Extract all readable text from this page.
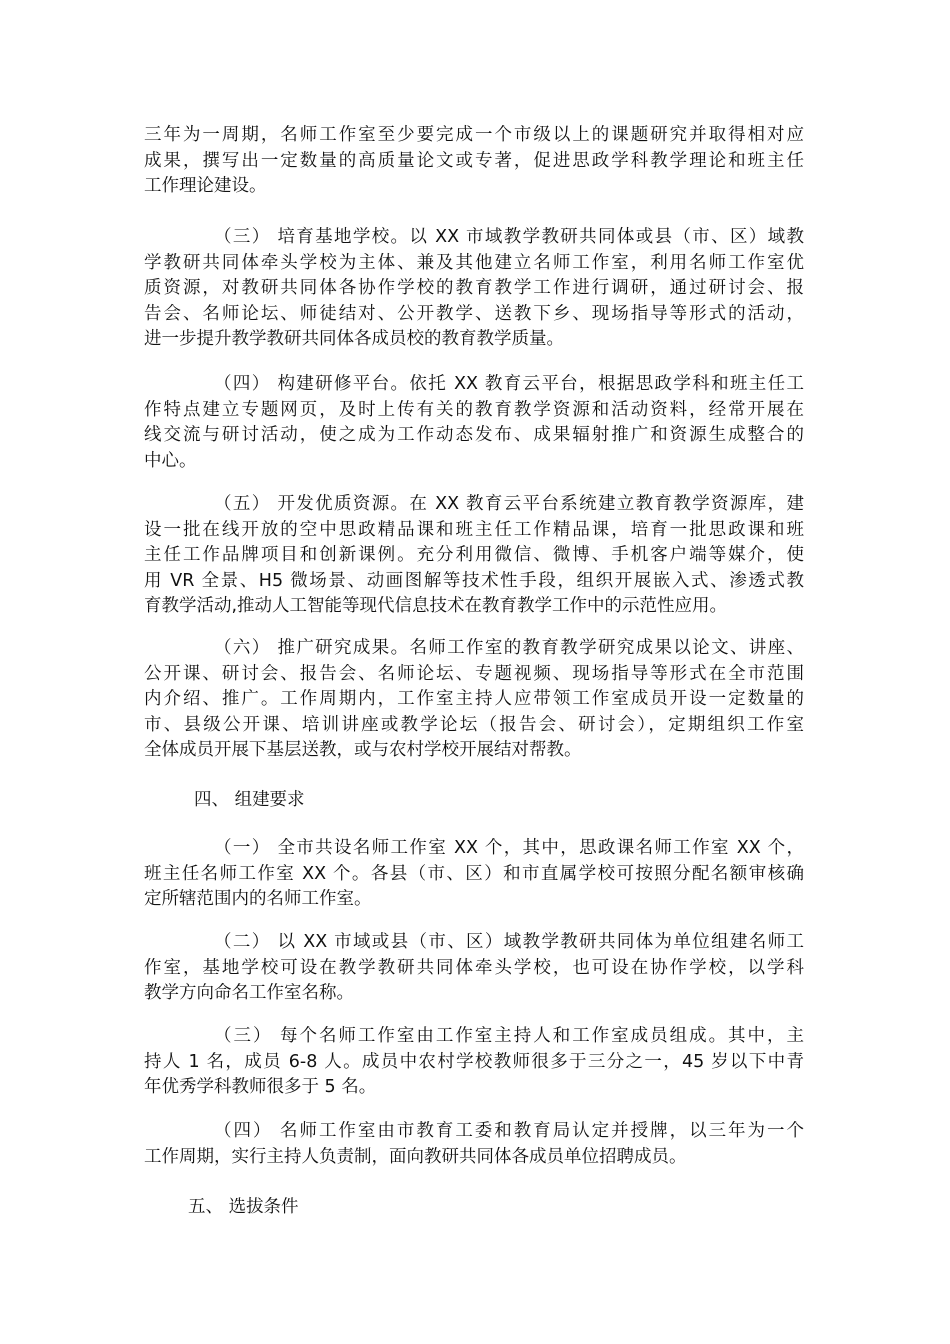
三年为一周期，名师工作室至少要完成一个市级以上的课题研究并取得相对应
成果，撰写出一定数量的高质量论文或专著，促进思政学科教学理论和班主任
工作理论建设。
（三） 培育基地学校。以 XX 市域教学教研共同体或县（市、区）域教
学教研共同体牵头学校为主体、兼及其他建立名师工作室，利用名师工作室优
质资源，对教研共同体各协作学校的教育教学工作进行调研，通过研讨会、报
告会、名师论坛、师徒结对、公开教学、送教下乡、现场指导等形式的活动，
进一步提升教学教研共同体各成员校的教育教学质量。
（四） 构建研修平台。依托 XX 教育云平台，根据思政学科和班主任工
作特点建立专题网页，及时上传有关的教育教学资源和活动资料，经常开展在
线交流与研讨活动，使之成为工作动态发布、成果辐射推广和资源生成整合的
中心。
（五） 开发优质资源。在 XX 教育云平台系统建立教育教学资源库，建
设一批在线开放的空中思政精品课和班主任工作精品课，培育一批思政课和班
主任工作品牌项目和创新课例。充分利用微信、微博、手机客户端等媒介，使
用 VR 全景、H5 微场景、动画图解等技术性手段，组织开展嵌入式、渗透式教
育教学活动,推动人工智能等现代信息技术在教育教学工作中的示范性应用。
（六） 推广研究成果。名师工作室的教育教学研究成果以论文、讲座、
公开课、研讨会、报告会、名师论坛、专题视频、现场指导等形式在全市范围
内介绍、推广。工作周期内，工作室主持人应带领工作室成员开设一定数量的
市、县级公开课、培训讲座或教学论坛（报告会、研讨会），定期组织工作室
全体成员开展下基层送教，或与农村学校开展结对帮教。
四、 组建要求
（一） 全市共设名师工作室 XX 个，其中，思政课名师工作室 XX 个，
班主任名师工作室 XX 个。各县（市、区）和市直属学校可按照分配名额审核确
定所辖范围内的名师工作室。
（二） 以 XX 市域或县（市、区）域教学教研共同体为单位组建名师工
作室，基地学校可设在教学教研共同体牵头学校，也可设在协作学校，以学科
教学方向命名工作室名称。
（三） 每个名师工作室由工作室主持人和工作室成员组成。其中，主
持人 1 名，成员 6-8 人。成员中农村学校教师很多于三分之一，45 岁以下中青
年优秀学科教师很多于 5 名。
（四） 名师工作室由市教育工委和教育局认定并授牌，以三年为一个
工作周期，实行主持人负责制，面向教研共同体各成员单位招聘成员。
五、 选拔条件
